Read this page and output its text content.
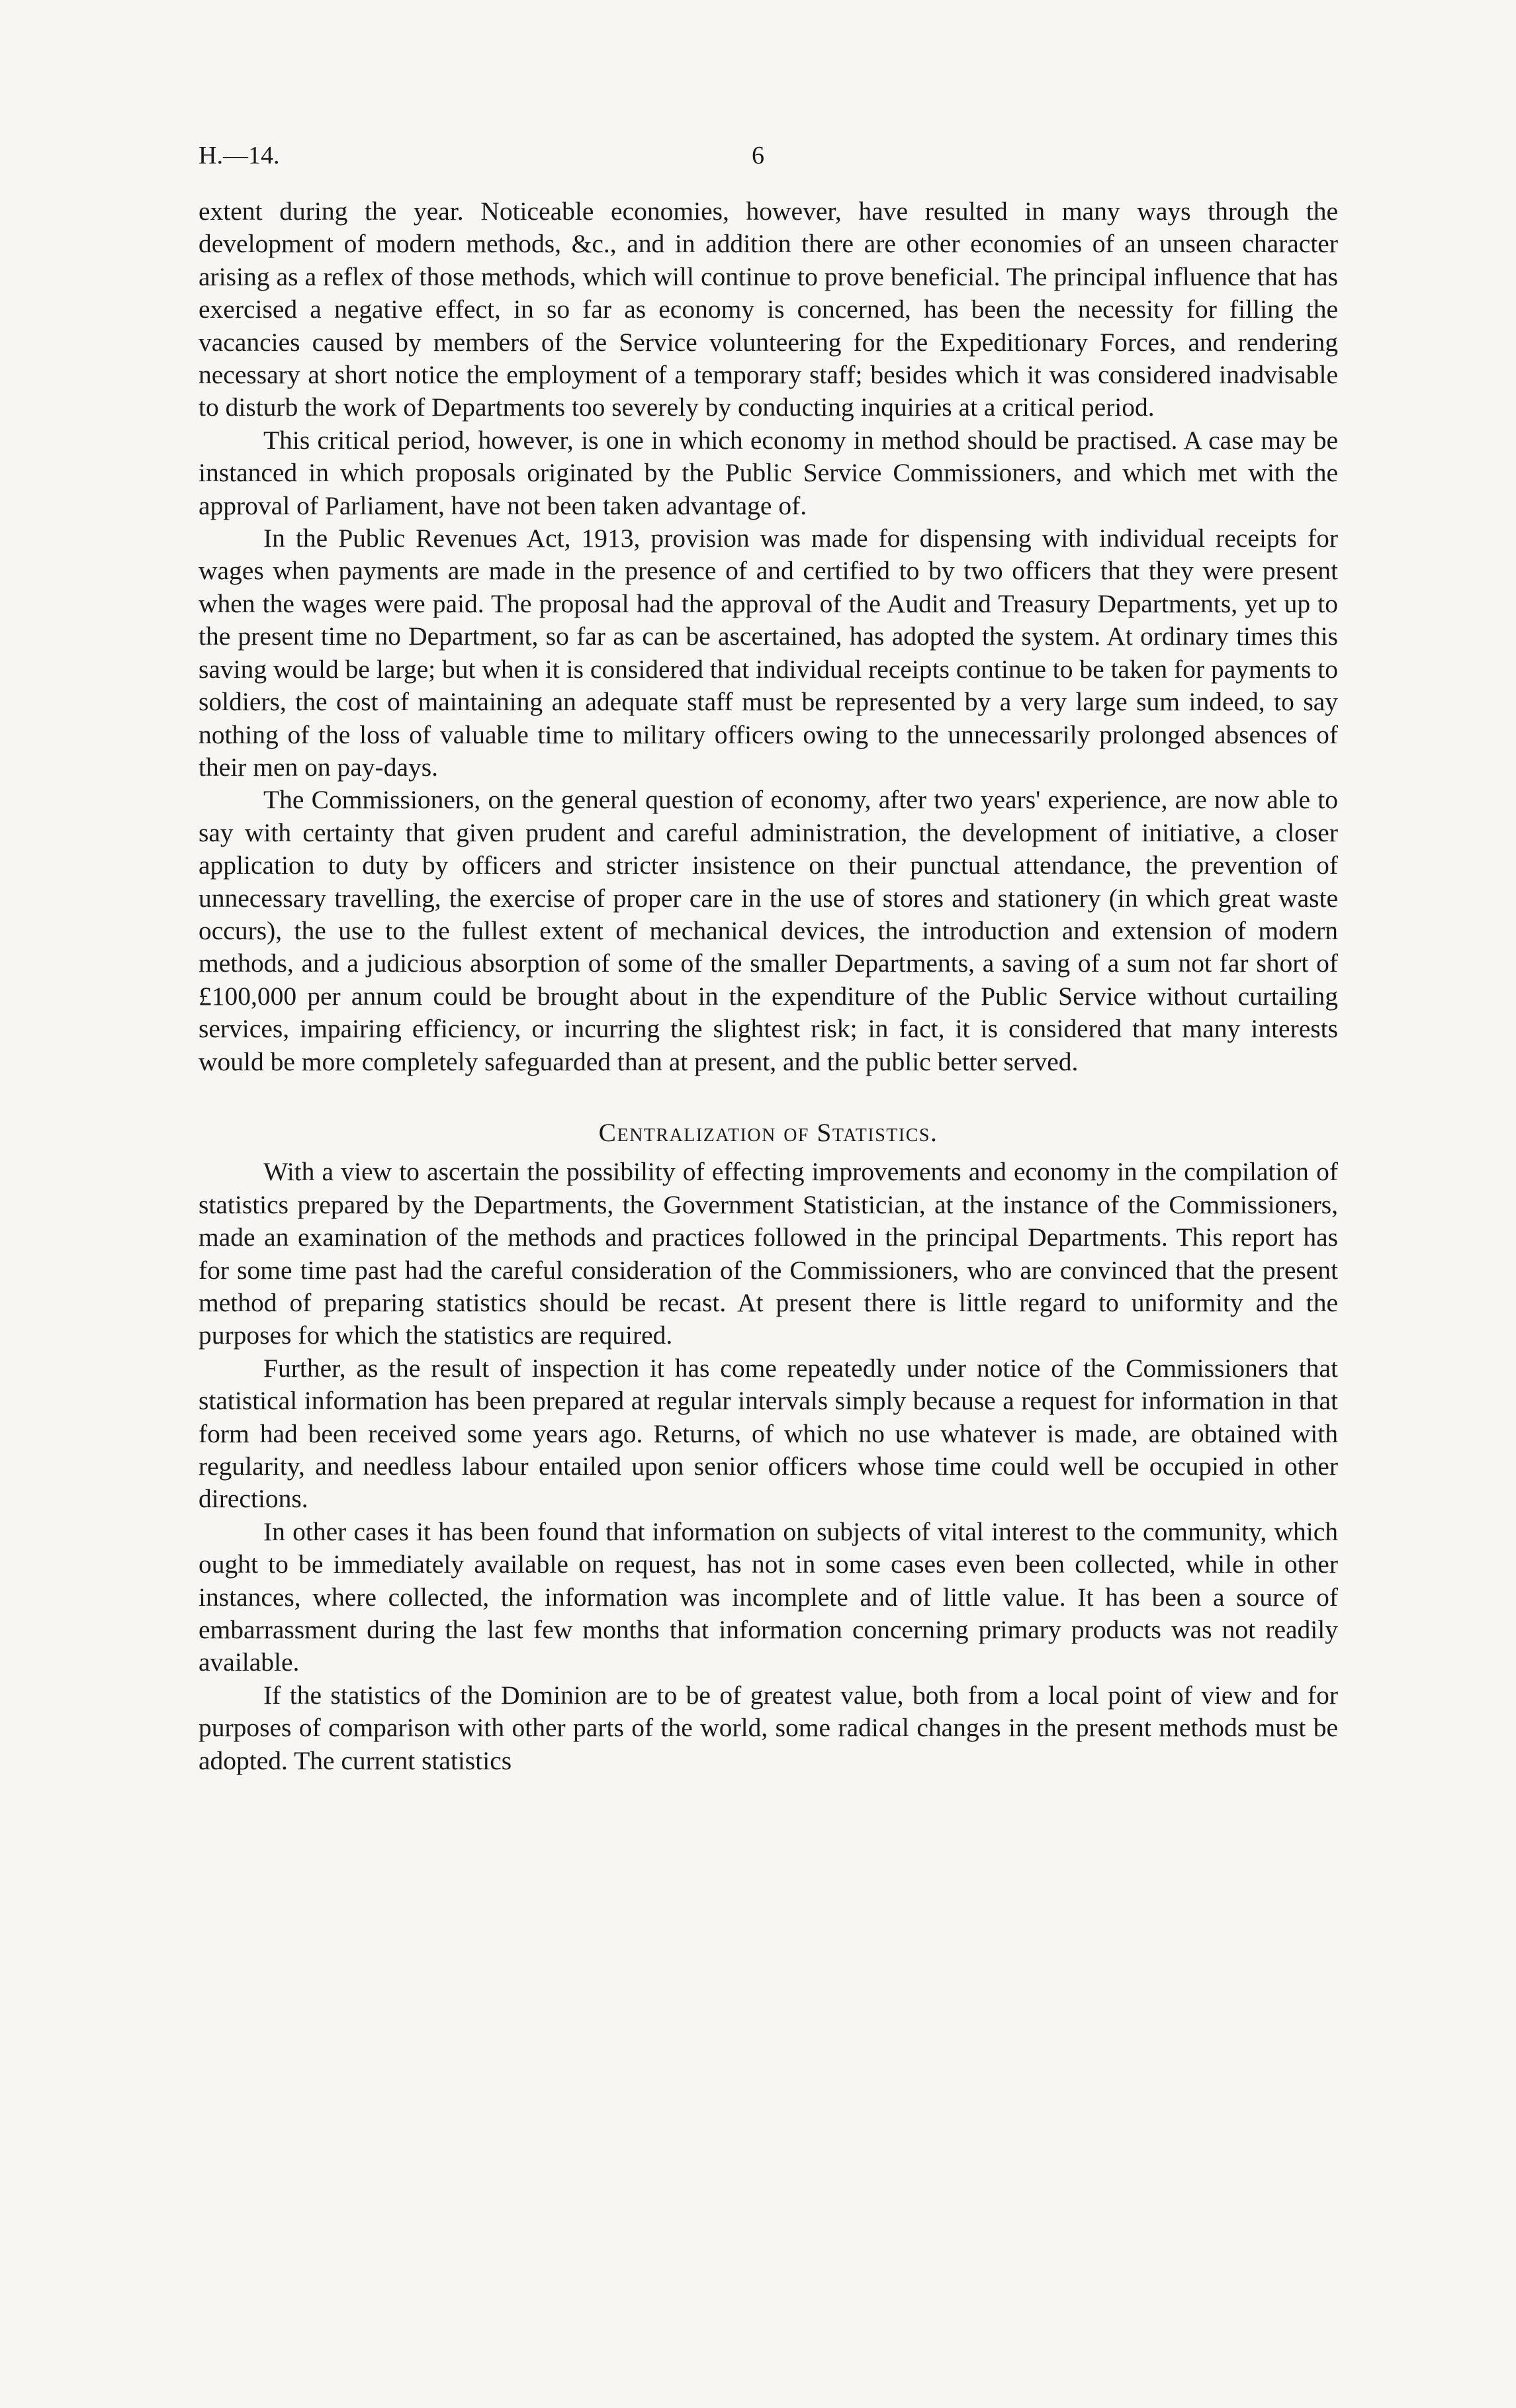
H.—14.	6

extent during the year. Noticeable economies, however, have resulted in many ways through the development of modern methods, &c., and in addition there are other economies of an unseen character arising as a reflex of those methods, which will continue to prove beneficial. The principal influence that has exercised a negative effect, in so far as economy is concerned, has been the necessity for filling the vacancies caused by members of the Service volunteering for the Expeditionary Forces, and rendering necessary at short notice the employment of a temporary staff; besides which it was considered inadvisable to disturb the work of Departments too severely by conducting inquiries at a critical period.

This critical period, however, is one in which economy in method should be practised. A case may be instanced in which proposals originated by the Public Service Commissioners, and which met with the approval of Parliament, have not been taken advantage of.

In the Public Revenues Act, 1913, provision was made for dispensing with individual receipts for wages when payments are made in the presence of and certified to by two officers that they were present when the wages were paid. The proposal had the approval of the Audit and Treasury Departments, yet up to the present time no Department, so far as can be ascertained, has adopted the system. At ordinary times this saving would be large; but when it is considered that individual receipts continue to be taken for payments to soldiers, the cost of maintaining an adequate staff must be represented by a very large sum indeed, to say nothing of the loss of valuable time to military officers owing to the unnecessarily prolonged absences of their men on pay-days.

The Commissioners, on the general question of economy, after two years' experience, are now able to say with certainty that given prudent and careful administration, the development of initiative, a closer application to duty by officers and stricter insistence on their punctual attendance, the prevention of unnecessary travelling, the exercise of proper care in the use of stores and stationery (in which great waste occurs), the use to the fullest extent of mechanical devices, the introduction and extension of modern methods, and a judicious absorption of some of the smaller Departments, a saving of a sum not far short of £100,000 per annum could be brought about in the expenditure of the Public Service without curtailing services, impairing efficiency, or incurring the slightest risk; in fact, it is considered that many interests would be more completely safeguarded than at present, and the public better served.

Centralization of Statistics.

With a view to ascertain the possibility of effecting improvements and economy in the compilation of statistics prepared by the Departments, the Government Statistician, at the instance of the Commissioners, made an examination of the methods and practices followed in the principal Departments. This report has for some time past had the careful consideration of the Commissioners, who are convinced that the present method of preparing statistics should be recast. At present there is little regard to uniformity and the purposes for which the statistics are required.

Further, as the result of inspection it has come repeatedly under notice of the Commissioners that statistical information has been prepared at regular intervals simply because a request for information in that form had been received some years ago. Returns, of which no use whatever is made, are obtained with regularity, and needless labour entailed upon senior officers whose time could well be occupied in other directions.

In other cases it has been found that information on subjects of vital interest to the community, which ought to be immediately available on request, has not in some cases even been collected, while in other instances, where collected, the information was incomplete and of little value. It has been a source of embarrassment during the last few months that information concerning primary products was not readily available.

If the statistics of the Dominion are to be of greatest value, both from a local point of view and for purposes of comparison with other parts of the world, some radical changes in the present methods must be adopted. The current statistics
